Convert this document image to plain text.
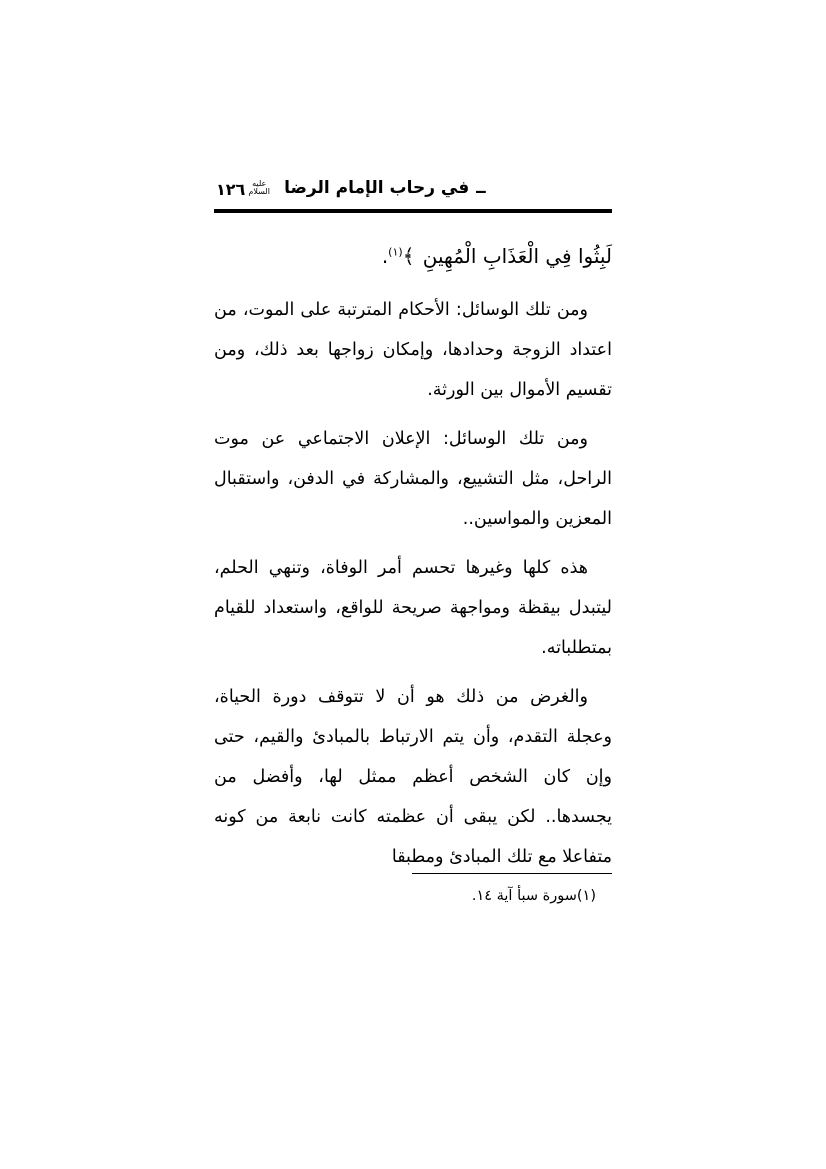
ـ في رحاب الإمام الرضا عليه السلام
١٢٦

لَبِثُوا فِي الْعَذَابِ الْمُهِينِ ﴾$^{(١)}$.

ومن تلك الوسائل: الأحكام المترتبة على الموت، من اعتداد الزوجة وحدادها، وإمكان زواجها بعد ذلك، ومن تقسيم الأموال بين الورثة.

ومن تلك الوسائل: الإعلان الاجتماعي عن موت الراحل، مثل التشييع، والمشاركة في الدفن، واستقبال المعزين والمواسين..

هذه كلها وغيرها تحسم أمر الوفاة، وتنهي الحلم، ليتبدل بيقظة ومواجهة صريحة للواقع، واستعداد للقيام بمتطلباته.

والغرض من ذلك هو أن لا تتوقف دورة الحياة، وعجلة التقدم، وأن يتم الارتباط بالمبادئ والقيم، حتى وإن كان الشخص أعظم ممثل لها، وأفضل من يجسدها.. لكن يبقى أن عظمته كانت نابعة من كونه متفاعلا مع تلك المبادئ ومطبقا

(١)سورة سبأ آية ١٤.
